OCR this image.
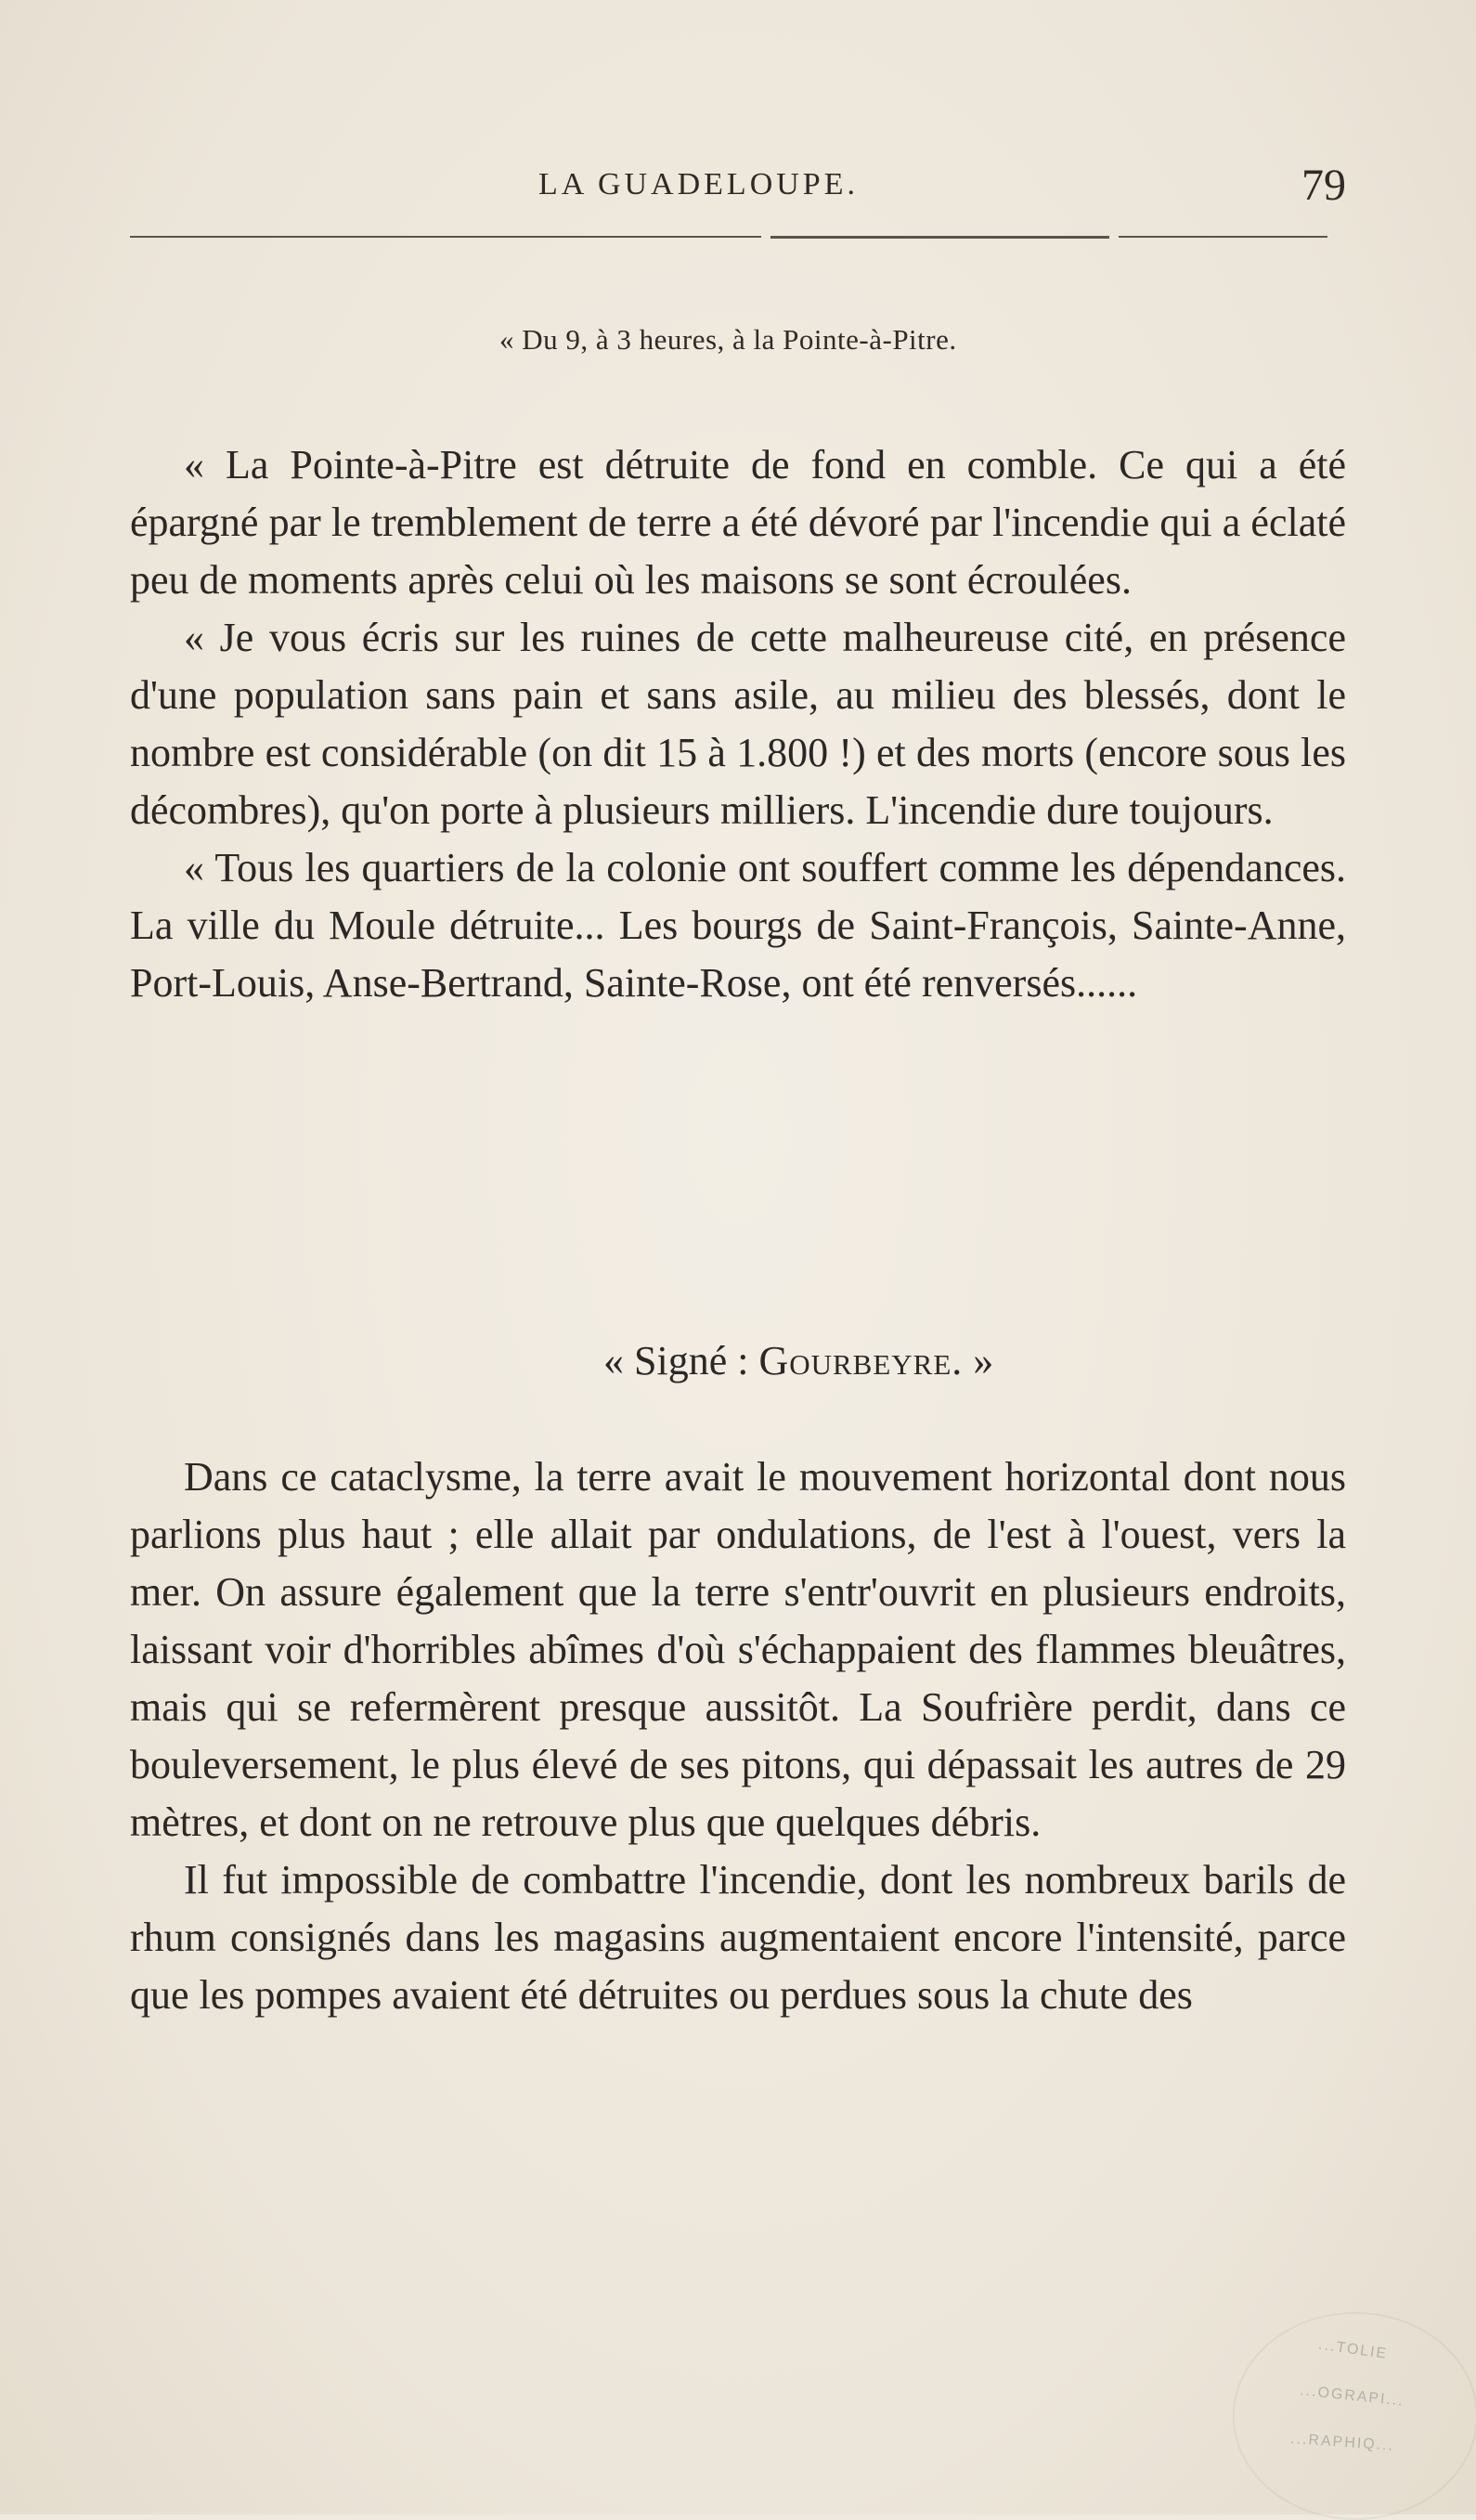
LA GUADELOUPE.	79
« Du 9, à 3 heures, à la Pointe-à-Pitre.

« La Pointe-à-Pitre est détruite de fond en comble. Ce qui a été épargné par le tremblement de terre a été dévoré par l'incendie qui a éclaté peu de moments après celui où les maisons se sont écroulées.

« Je vous écris sur les ruines de cette malheureuse cité, en présence d'une population sans pain et sans asile, au milieu des blessés, dont le nombre est considérable (on dit 15 à 1.800 !) et des morts (encore sous les décombres), qu'on porte à plusieurs milliers. L'incendie dure toujours.

« Tous les quartiers de la colonie ont souffert comme les dépendances. La ville du Moule détruite... Les bourgs de Saint-François, Sainte-Anne, Port-Louis, Anse-Bertrand, Sainte-Rose, ont été renversés......

« Signé : Gourbeyre. »

Dans ce cataclysme, la terre avait le mouvement horizontal dont nous parlions plus haut ; elle allait par ondulations, de l'est à l'ouest, vers la mer. On assure également que la terre s'entr'ouvrit en plusieurs endroits, laissant voir d'horribles abîmes d'où s'échappaient des flammes bleuâtres, mais qui se refermèrent presque aussitôt. La Soufrière perdit, dans ce bouleversement, le plus élevé de ses pitons, qui dépassait les autres de 29 mètres, et dont on ne retrouve plus que quelques débris.

Il fut impossible de combattre l'incendie, dont les nombreux barils de rhum consignés dans les magasins augmentaient encore l'intensité, parce que les pompes avaient été détruites ou perdues sous la chute des

...TOLIE
...OGRAPI...
...RAPHIQ...
